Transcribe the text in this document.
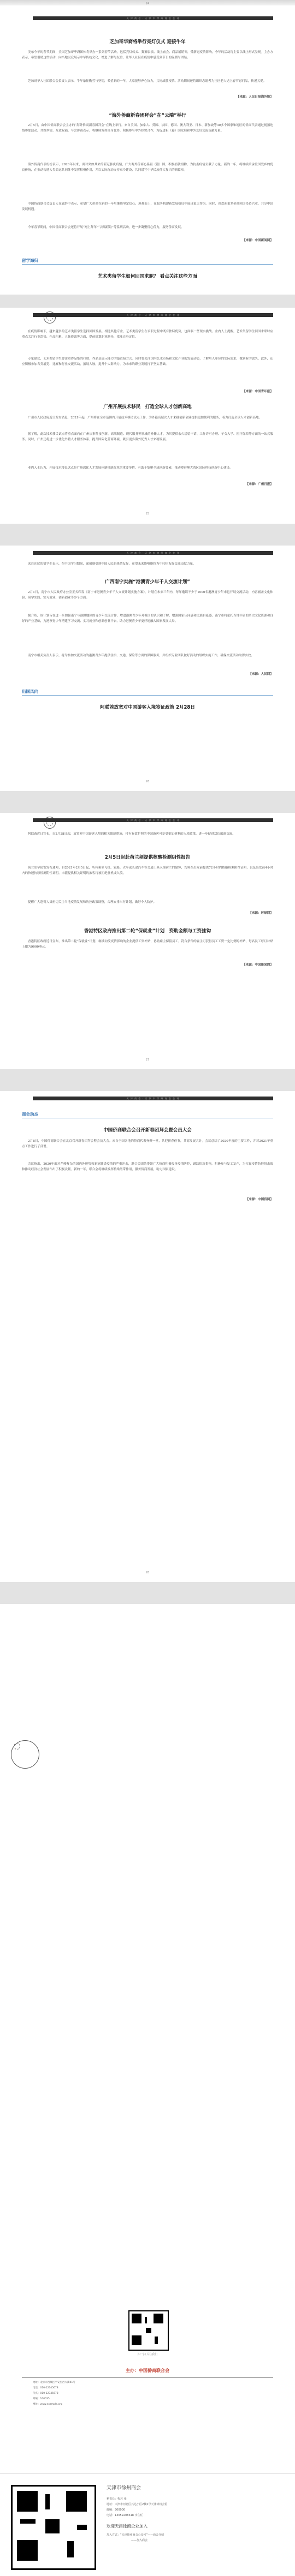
24
天 津 商 会 · 天 津 市 徐 州 商 会 会 刊
芝加哥华裔将举行亮灯仪式 迎接牛年
美东今年的春节期间，美国芝加哥华裔团体将举办一系列春节活动，包括亮灯仪式、舞狮表演、线上庙会、商品展销等，受新冠疫情影响，今年的活动将主要以线上形式呈现。主办方表示，希望借助这些活动，向当地民众展示中华传统文化，增进了解与友谊，让华人社区在疫情中感受到节日的温暖与团结。
芝加哥华人社团联合会负责人表示，牛年象征勤劳与坚韧，希望新的一年，大家能够齐心协力，共同战胜疫情。活动期间还将组织志愿者为社区老人送上春节慰问品，传递关爱。
【来源：人民日报海外版】
“海外侨商新春团拜会”在“云端”举行
2月5日，由中国侨商联合会主办的“海外侨商新春团拜会”在线上举行。来自美国、加拿大、英国、法国、德国、澳大利亚、日本、新加坡等30多个国家和地区的侨商代表通过视频连线参加活动，共叙乡情、互致祝福。与会侨商表示，将继续发挥自身优势，积极参与中外经贸合作，为促进祖（籍）国发展和中外友好交流贡献力量。
海外侨商代表纷纷表示，2020年以来，面对突如其来的新冠肺炎疫情，广大海外侨商心系祖（籍）国，积极捐款捐物，为抗击疫情贡献了力量。新的一年，将继续秉承爱国爱乡的优良传统，在推动构建人类命运共同体中发挥积极作用，并以实际行动支持家乡建设，共同谱写中华民族伟大复兴的新篇章。
中国侨商联合会负责人在致辞中表示，希望广大侨商在新的一年里继续坚定信心、迎难而上，在服务构建新发展格局中展现更大作为。同时，也欢迎更多侨商回国投资兴业，共享中国发展机遇。
今年春节期间，中国侨商联合会还将开展“网上拜年”“云端联谊”等系列活动，进一步凝聚侨心侨力，服务侨商发展。
【来源：中国新闻网】
留学海归
艺术类留学生如何回国求职？ 看点关注这些方面
天 津 商 会 · 天 津 市 徐 州 商 会 会 刊
在疫情影响下，越来越多的艺术类留学生选择回国发展。相比其他专业，艺术类留学生在求职过程中既有独特优势，也面临一些现实挑战。业内人士提醒，艺术类留学生回国求职时应重点关注行业趋势、作品积累、人脉资源等方面，提前规划职业路径，找准自身定位。
专家建议，艺术类留学生要注重作品集的打磨，作品是展示能力的最直接方式。同时要关注国内艺术市场和文化产业的发展动态，了解用人单位的实际需求，做到有的放矢。此外，还应积极参加各类展览、比赛和行业交流活动，拓展人脉，提升个人影响力，为未来的职业发展打下坚实基础。
【来源：中国青年报】
广州开展技术移民　打造全球人才创新高地
广州市人民政府近日发布消息，2021年起，广州将在全市范围内开展技术移民试点工作，为外籍高层次人才来穗创新创业提供更加便利的服务，着力打造全球人才创新高地。
据了解，此次技术移民试点将重点面向在广州从事科技创新、高端制造、现代服务等领域的外籍人才，为其提供永久居留申请、工作许可办理、子女入学、医疗保障等方面的一站式服务。同时，广州还将进一步优化外籍人才服务体系，提升国际化营商环境，吸引更多海外优秀人才来穗发展。
业内人士认为，开展技术移民试点是广州深化人才发展体制机制改革的重要举措，有助于集聚全球创新要素，推动粤港澳大湾区国际科技创新中心建设。
【来源：广州日报】
25
天 津 商 会 · 天 津 市 徐 州 商 会 会 刊
来自印尼的留学生表示，在中国学习期间，深刻感受到中国人民的热情友好。希望未来能够继续为中印尼友好交流贡献力量。
广西南宁实施“港澳青少年千人交流计划”
2月1日，南宁市人民政府办公室正式印发《南宁市港澳青少年千人交流计划实施方案》，计划在未来三年内，每年邀请不少于1000名港澳青少年来邕开展交流活动，内容涵盖文化体验、研学实践、实习就业、创新创业等多个方面。
据介绍，该计划旨在进一步加强南宁与港澳地区的青少年交流合作，增进港澳青少年对祖国的认识和了解，增强国家认同感和民族自豪感。南宁市将依托当地丰富的历史文化资源和良好的产业基础，为港澳青少年搭建学习交流、实习就业和创新创业平台，助力港澳青少年更好地融入国家发展大局。
南宁市相关负责人表示，将为参加交流活动的港澳青少年提供住宿、交通、保险等方面的保障服务，并组织专业团队做好活动的组织实施工作，确保交流活动取得实效。
【来源：人民网】
出国风向
阿联酋放宽对中国游客入境签证政策 2月28日
26
天 津 商 会 · 天 津 市 徐 州 商 会 会 刊
阿联酋近日宣布，自2月28日起，放宽对中国游客入境的相关限制措施，持有有效护照的中国游客可享受更加便利的入境政策，进一步促进双边旅游交流。
2月5日起赴荷兰须提供核酸检测阴性报告
荷兰驻华使馆发布通知，自2021年2月5日起，所有乘坐飞机、轮船、火车或长途汽车等交通工具入境荷兰的旅客，均须在出发前提供72小时内核酸检测阴性证明，以及出发前4小时内的快速抗原检测阴性证明。未能提供相关证明的旅客将被拒绝登机或入境。
提醒广大赴荷人员密切关注当地疫情发展和防控政策调整，合理安排出行计划，做好个人防护。
【来源：环球网】
香港特区政府推出第二轮“保就业”计划　资助金额与工资挂钩
香港特区政府近日宣布，推出第二轮“保就业”计划，继续向受疫情影响的企业提供工资补贴，协助雇主保留员工。符合条件的雇主可获得员工工资一定比例的补贴，每名员工每月补贴上限为9000港元。
【来源：中国新闻网】
27
天 津 商 会 · 天 津 市 徐 州 商 会 会 刊
商会动态
中国侨商联合会召开新春团拜会暨会员大会
2月8日，中国侨商联合会在北京召开新春团拜会暨会员大会。来自全国各地的侨商代表齐聚一堂，共迎新春佳节，共商发展大计。会议总结了2020年度的主要工作，并对2021年重点工作进行了部署。
会议指出，2020年面对严峻复杂的国内外形势和新冠肺炎疫情的严重冲击，联合会团结带领广大侨商积极投身疫情防控，踊跃捐款捐物，积极参与复工复产，为打赢疫情防控阻击战和推动经济社会发展作出了积极贡献。新的一年，联合会将继续发挥桥梁纽带作用，服务侨商发展，助力国家建设。
【来源：中国侨网】
28
扫一扫 关注我们
主办：中国侨商联合会
地址：北京市西城区平安里西大街41号
电话：010-12345678
传真：010-12345678
邮编：100035
网址：www.example.org
天津市徐州商会
秘书长：程苏 张
地址：天津市河北区兴达小区2楼2号天津徐州会馆
邮编：300000
电话：13052208318 李主任
欢迎天津徐商企业加入
加入方式：“天津徐州商会公众号”——商会介绍
——加入商会
